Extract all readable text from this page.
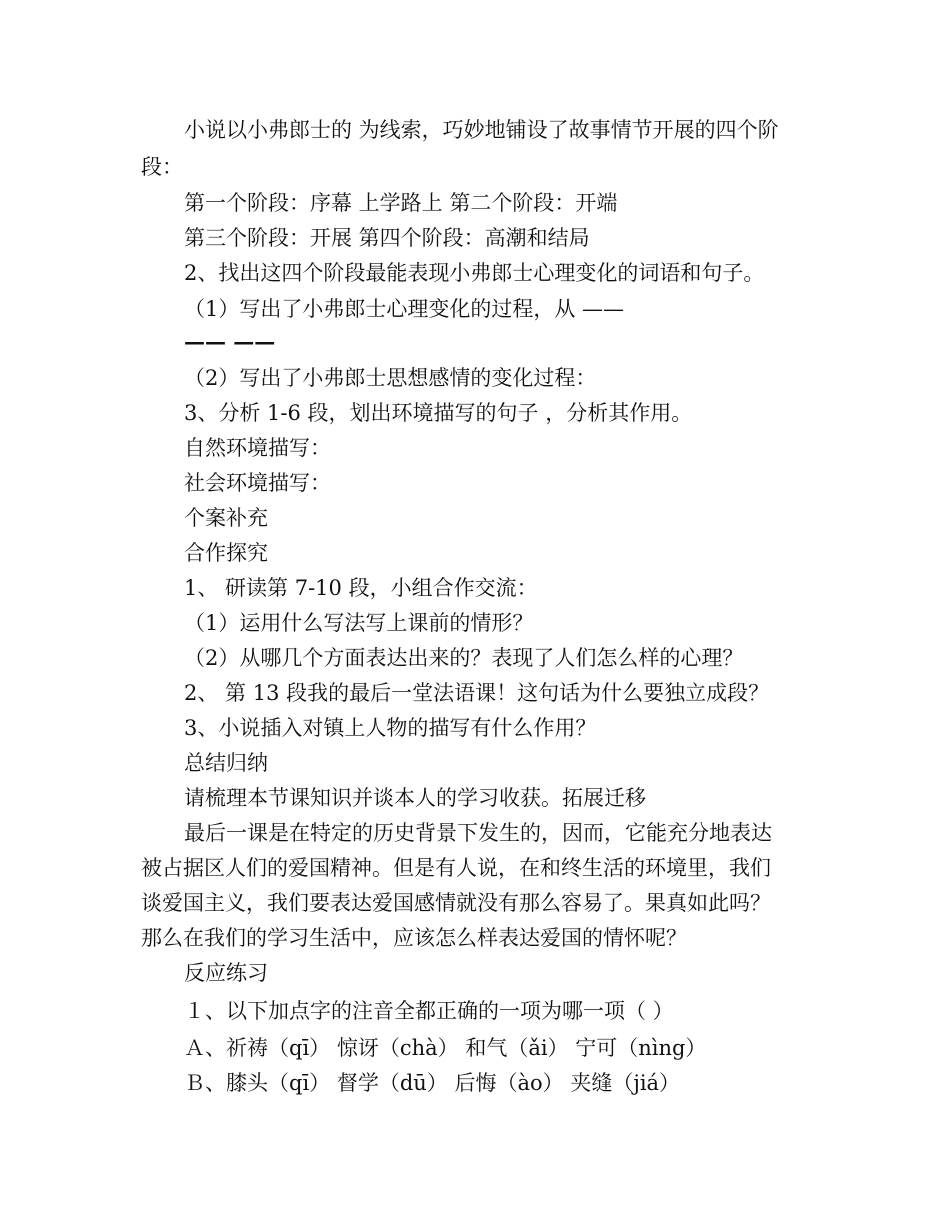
小说以小弗郎士的 为线索，巧妙地铺设了故事情节开展的四个阶
段：
第一个阶段：序幕 上学路上 第二个阶段：开端
第三个阶段：开展 第四个阶段：高潮和结局
2、找出这四个阶段最能表现小弗郎士心理变化的词语和句子。
（1）写出了小弗郎士心理变化的过程，从 ——
—— ——
（2）写出了小弗郎士思想感情的变化过程：
3、分析 1-6 段，划出环境描写的句子 ，分析其作用。
自然环境描写：
社会环境描写：
个案补充
合作探究
1、 研读第 7-10 段，小组合作交流：
（1）运用什么写法写上课前的情形？
（2）从哪几个方面表达出来的？表现了人们怎么样的心理？
2、 第 13 段我的最后一堂法语课！这句话为什么要独立成段？
3、小说插入对镇上人物的描写有什么作用？
总结归纳
请梳理本节课知识并谈本人的学习收获。拓展迁移
最后一课是在特定的历史背景下发生的，因而，它能充分地表达
被占据区人们的爱国精神。但是有人说，在和终生活的环境里，我们
谈爱国主义，我们要表达爱国感情就没有那么容易了。果真如此吗？
那么在我们的学习生活中，应该怎么样表达爱国的情怀呢？
反应练习
１、以下加点字的注音全都正确的一项为哪一项（ ）
Ａ、祈祷（qī） 惊讶（chà） 和气（ǎi） 宁可（nìng）
Ｂ、膝头（qī） 督学（dū） 后悔（ào） 夹缝（jiá）
